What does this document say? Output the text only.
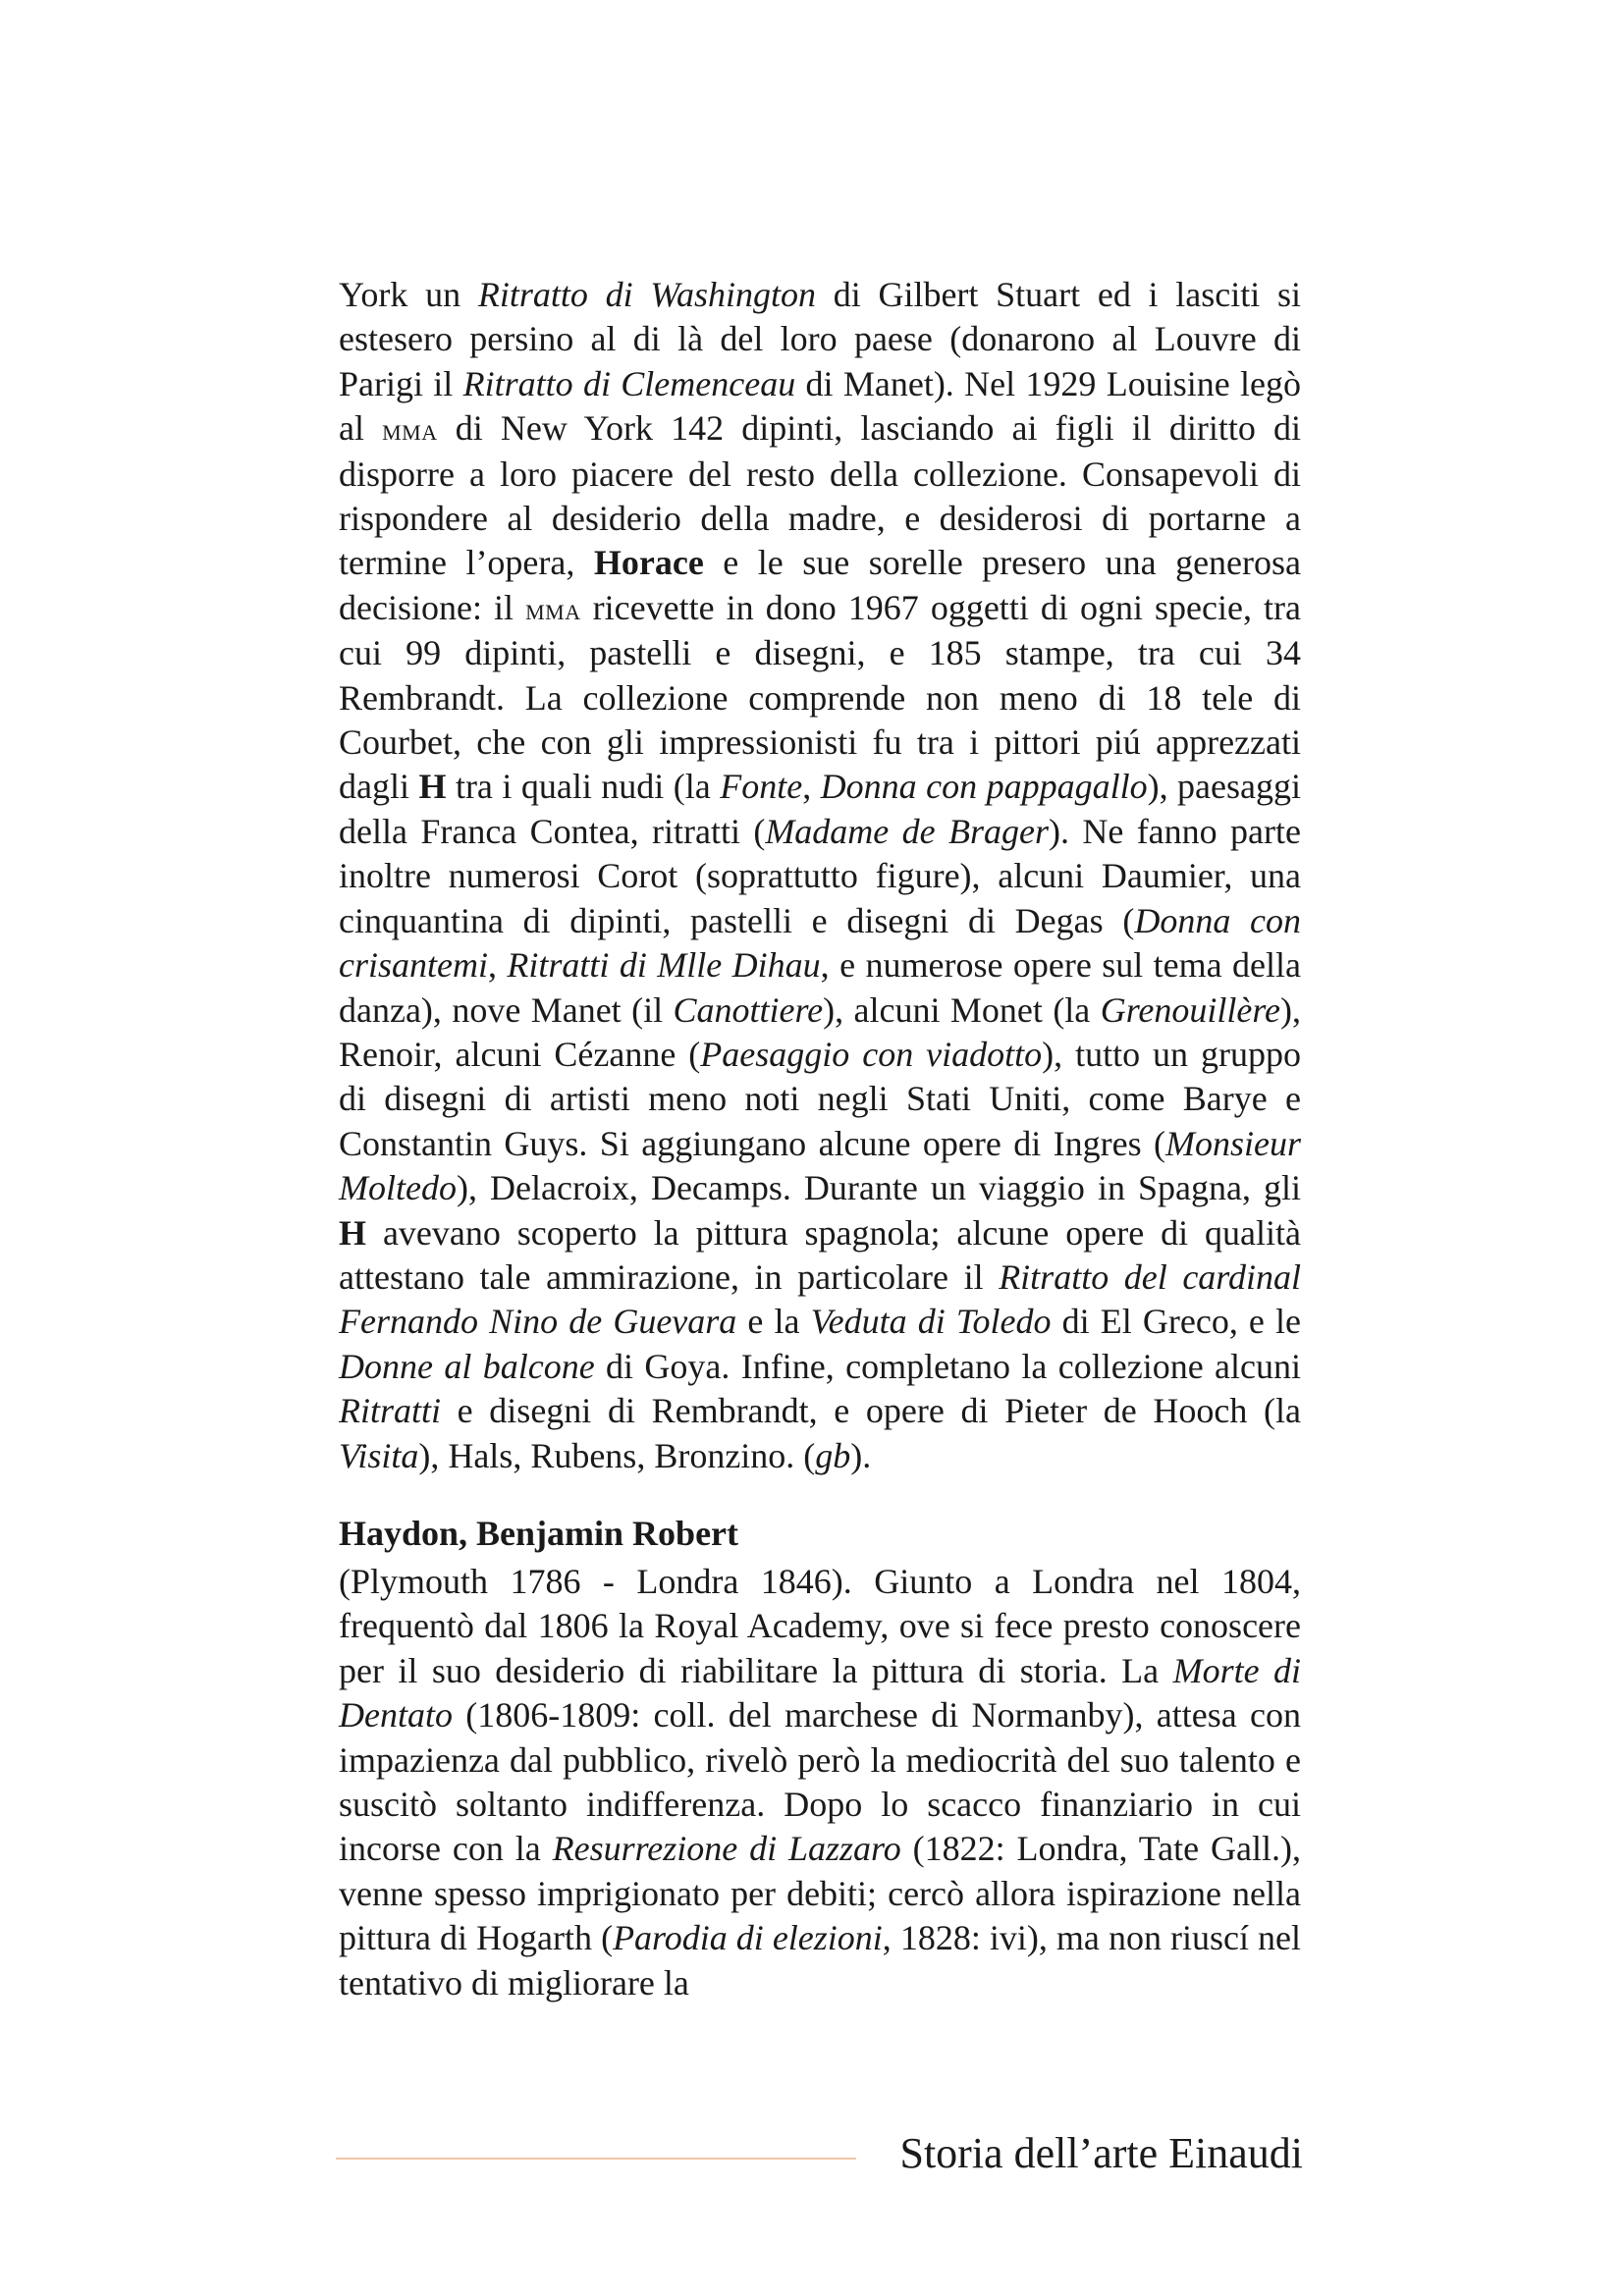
York un Ritratto di Washington di Gilbert Stuart ed i lasciti si estesero persino al di là del loro paese (donarono al Louvre di Parigi il Ritratto di Clemenceau di Manet). Nel 1929 Louisine legò al mma di New York 142 dipinti, lasciando ai figli il diritto di disporre a loro piacere del resto della collezione. Consapevoli di rispondere al desiderio della madre, e desiderosi di portarne a termine l’opera, Horace e le sue sorelle presero una generosa decisione: il mma ricevette in dono 1967 oggetti di ogni specie, tra cui 99 dipinti, pastelli e disegni, e 185 stampe, tra cui 34 Rembrandt. La collezione comprende non meno di 18 tele di Courbet, che con gli impressionisti fu tra i pittori piú apprezzati dagli H tra i quali nudi (la Fonte, Donna con pappagallo), paesaggi della Franca Contea, ritratti (Madame de Brager). Ne fanno parte inoltre numerosi Corot (soprattutto figure), alcuni Daumier, una cinquantina di dipinti, pastelli e disegni di Degas (Donna con crisantemi, Ritratti di Mlle Dihau, e numerose opere sul tema della danza), nove Manet (il Canottiere), alcuni Monet (la Grenouillère), Renoir, alcuni Cézanne (Paesaggio con viadotto), tutto un gruppo di disegni di artisti meno noti negli Stati Uniti, come Barye e Constantin Guys. Si aggiungano alcune opere di Ingres (Monsieur Moltedo), Delacroix, Decamps. Durante un viaggio in Spagna, gli H avevano scoperto la pittura spagnola; alcune opere di qualità attestano tale ammirazione, in particolare il Ritratto del cardinal Fernando Nino de Guevara e la Veduta di Toledo di El Greco, e le Donne al balcone di Goya. Infine, completano la collezione alcuni Ritratti e disegni di Rembrandt, e opere di Pieter de Hooch (la Visita), Hals, Rubens, Bronzino. (gb).

Haydon, Benjamin Robert

(Plymouth 1786 - Londra 1846). Giunto a Londra nel 1804, frequentò dal 1806 la Royal Academy, ove si fece presto conoscere per il suo desiderio di riabilitare la pittura di storia. La Morte di Dentato (1806-1809: coll. del marchese di Normanby), attesa con impazienza dal pubblico, rivelò però la mediocrità del suo talento e suscitò soltanto indifferenza. Dopo lo scacco finanziario in cui incorse con la Resurrezione di Lazzaro (1822: Londra, Tate Gall.), venne spesso imprigionato per debiti; cercò allora ispirazione nella pittura di Hogarth (Parodia di elezioni, 1828: ivi), ma non riuscí nel tentativo di migliorare la

Storia dell’arte Einaudi
